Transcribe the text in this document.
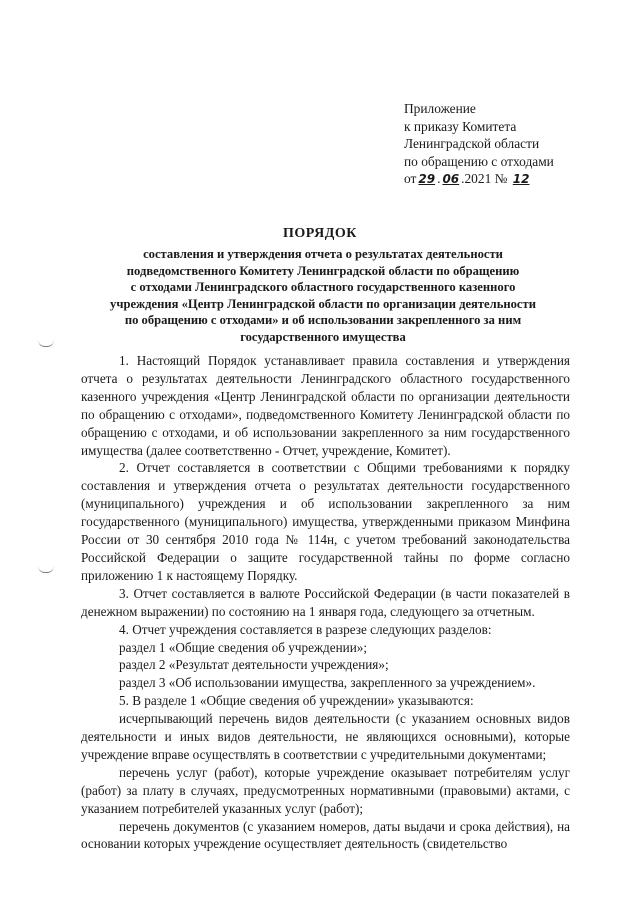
Приложение
к приказу Комитета
Ленинградской области
по обращению с отходами
от 29 . 06 .2021 № 12
ПОРЯДОК
составления и утверждения отчета о результатах деятельности
подведомственного Комитету Ленинградской области по обращению
с отходами Ленинградского областного государственного казенного
учреждения «Центр Ленинградской области по организации деятельности
по обращению с отходами» и об использовании закрепленного за ним
государственного имущества

1. Настоящий Порядок устанавливает правила составления и утверждения отчета о результатах деятельности Ленинградского областного государственного казенного учреждения «Центр Ленинградской области по организации деятельности по обращению с отходами», подведомственного Комитету Ленинградской области по обращению с отходами, и об использовании закрепленного за ним государственного имущества (далее соответственно - Отчет, учреждение, Комитет).

2. Отчет составляется в соответствии с Общими требованиями к порядку составления и утверждения отчета о результатах деятельности государственного (муниципального) учреждения и об использовании закрепленного за ним государственного (муниципального) имущества, утвержденными приказом Минфина России от 30 сентября 2010 года № 114н, с учетом требований законодательства Российской Федерации о защите государственной тайны по форме согласно приложению 1 к настоящему Порядку.

3. Отчет составляется в валюте Российской Федерации (в части показателей в денежном выражении) по состоянию на 1 января года, следующего за отчетным.

4. Отчет учреждения составляется в разрезе следующих разделов:

раздел 1 «Общие сведения об учреждении»;

раздел 2 «Результат деятельности учреждения»;

раздел 3 «Об использовании имущества, закрепленного за учреждением».

5. В разделе 1 «Общие сведения об учреждении» указываются:

исчерпывающий перечень видов деятельности (с указанием основных видов деятельности и иных видов деятельности, не являющихся основными), которые учреждение вправе осуществлять в соответствии с учредительными документами;

перечень услуг (работ), которые учреждение оказывает потребителям услуг (работ) за плату в случаях, предусмотренных нормативными (правовыми) актами, с указанием потребителей указанных услуг (работ);

перечень документов (с указанием номеров, даты выдачи и срока действия), на основании которых учреждение осуществляет деятельность (свидетельство
